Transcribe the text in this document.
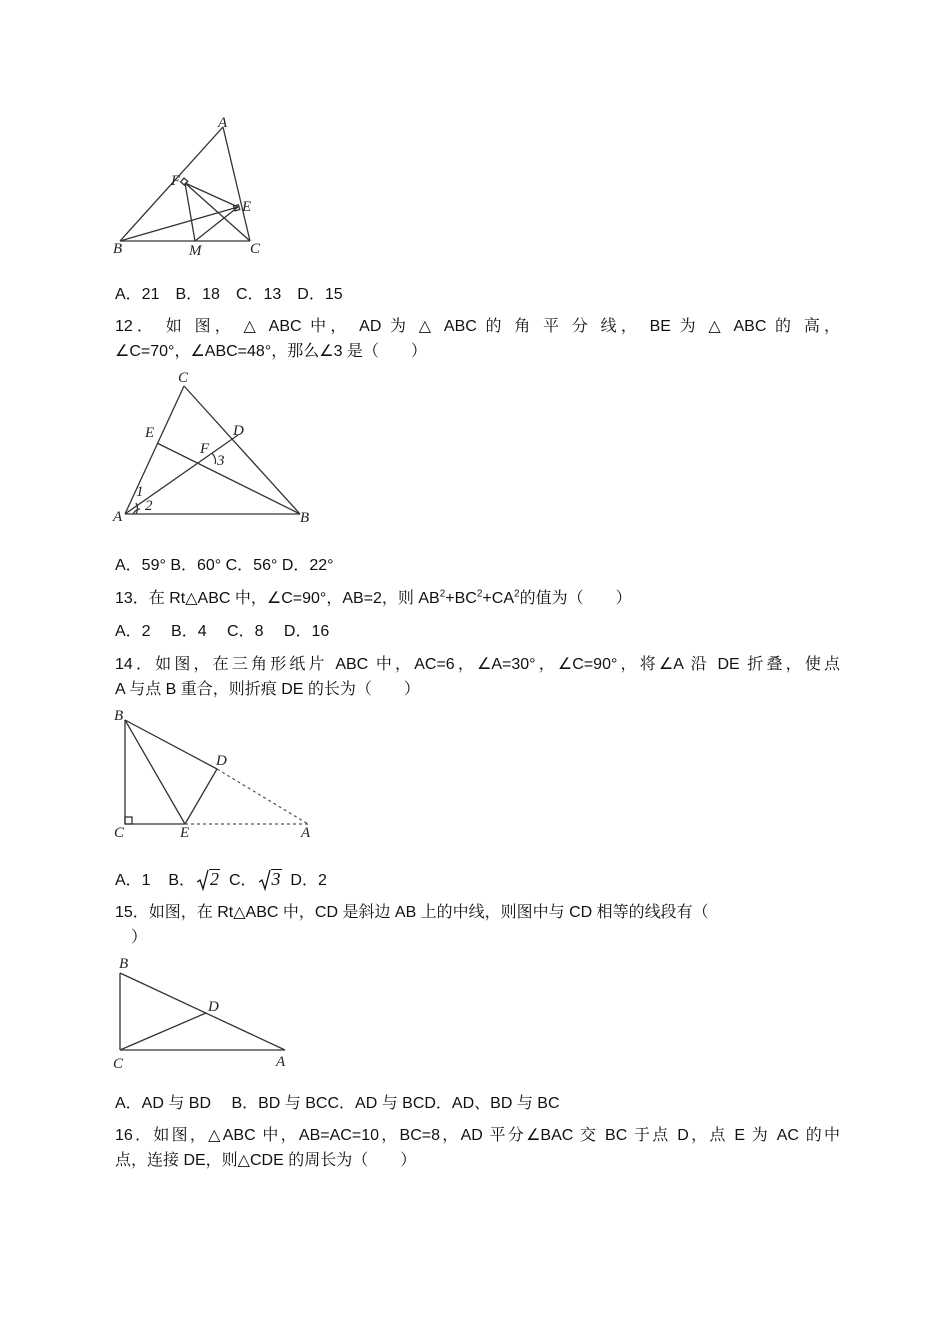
A
F
E
B	M	C
A．21　B．18　C．13　D．15
12． 如 图， △ ABC 中， AD 为 △ ABC 的 角 平 分 线， BE 为 △ ABC 的 高，
∠C=70°，∠ABC=48°，那么∠3 是（　　）
C
E	D
F
3
1
2
A	B
A．59° B．60° C．56° D．22°
13．在 Rt△ABC 中，∠C=90°，AB=2，则 $AB^2+BC^2+CA^2$的值为（　　）
A．2　 B．4　 C．8　 D．16
14．如图，在三角形纸片 ABC 中，AC=6，∠A=30°，∠C=90°，将∠A 沿 DE 折叠，使点
A 与点 B 重合，则折痕 DE 的长为（　　）
B
D
C	E	A
A．1 B． 2 C． 3 D．2
15．如图，在 Rt△ABC 中，CD 是斜边 AB 上的中线，则图中与 CD 相等的线段有（
　）
B
D
C	A
A．AD 与 BD　 B．BD 与 BCC．AD 与 BCD．AD、BD 与 BC
16．如图，△ABC 中，AB=AC=10，BC=8，AD 平分∠BAC 交 BC 于点 D，点 E 为 AC 的中
点，连接 DE，则△CDE 的周长为（　　）
